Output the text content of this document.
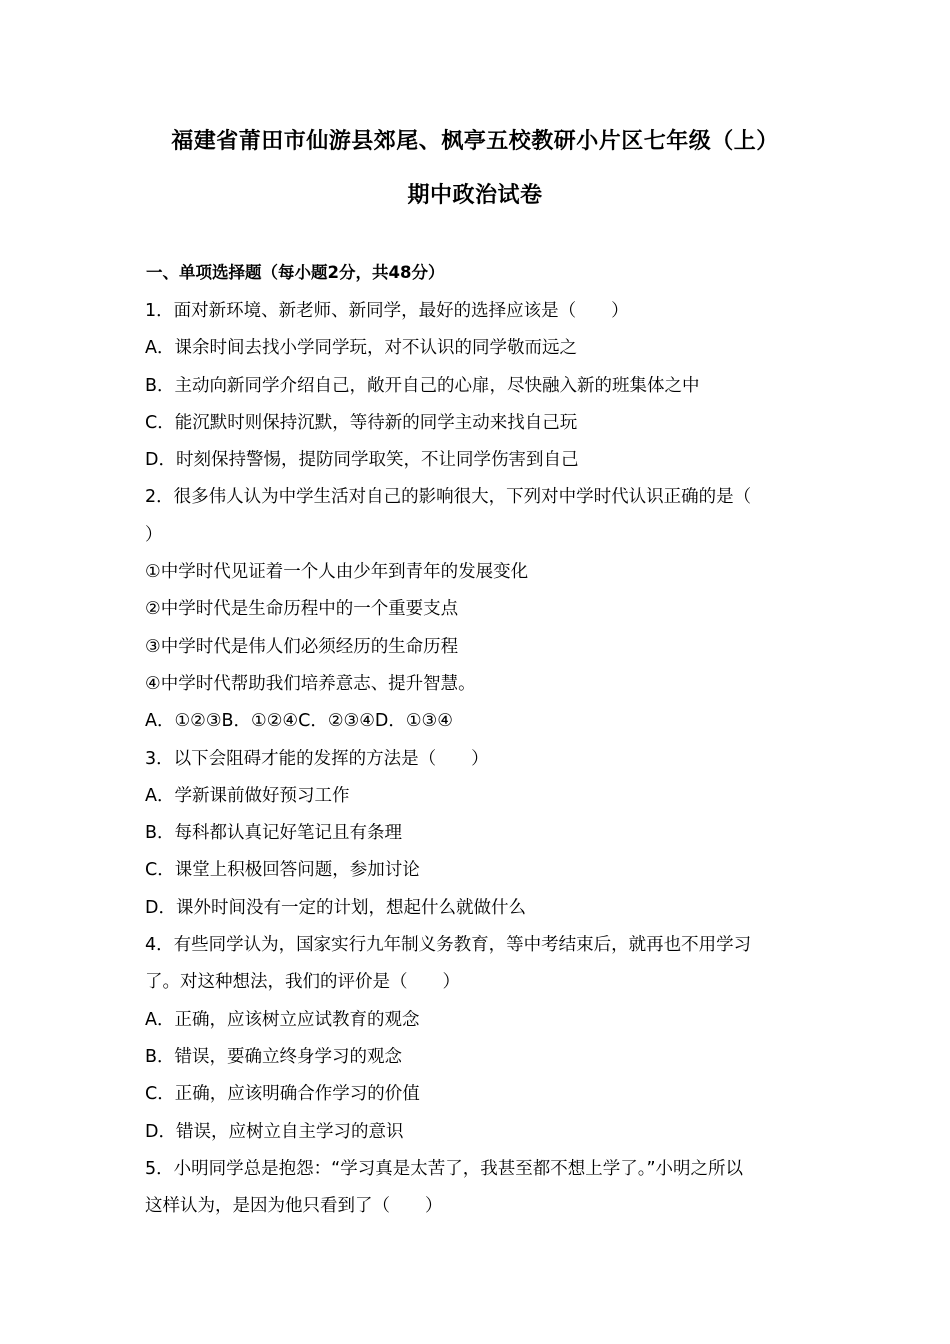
福建省莆田市仙游县郊尾、枫亭五校教研小片区七年级（上）
期中政治试卷
一、单项选择题（每小题2分，共48分）
1．面对新环境、新老师、新同学，最好的选择应该是（　　）
A．课余时间去找小学同学玩，对不认识的同学敬而远之
B．主动向新同学介绍自己，敞开自己的心扉，尽快融入新的班集体之中
C．能沉默时则保持沉默，等待新的同学主动来找自己玩
D．时刻保持警惕，提防同学取笑，不让同学伤害到自己
2．很多伟人认为中学生活对自己的影响很大，下列对中学时代认识正确的是（
）
①中学时代见证着一个人由少年到青年的发展变化
②中学时代是生命历程中的一个重要支点
③中学时代是伟人们必须经历的生命历程
④中学时代帮助我们培养意志、提升智慧。
A．①②③B．①②④C．②③④D．①③④
3．以下会阻碍才能的发挥的方法是（　　）
A．学新课前做好预习工作
B．每科都认真记好笔记且有条理
C．课堂上积极回答问题，参加讨论
D．课外时间没有一定的计划，想起什么就做什么
4．有些同学认为，国家实行九年制义务教育，等中考结束后，就再也不用学习
了。对这种想法，我们的评价是（　　）
A．正确，应该树立应试教育的观念
B．错误，要确立终身学习的观念
C．正确，应该明确合作学习的价值
D．错误，应树立自主学习的意识
5．小明同学总是抱怨：“学习真是太苦了，我甚至都不想上学了。”小明之所以
这样认为，是因为他只看到了（　　）
